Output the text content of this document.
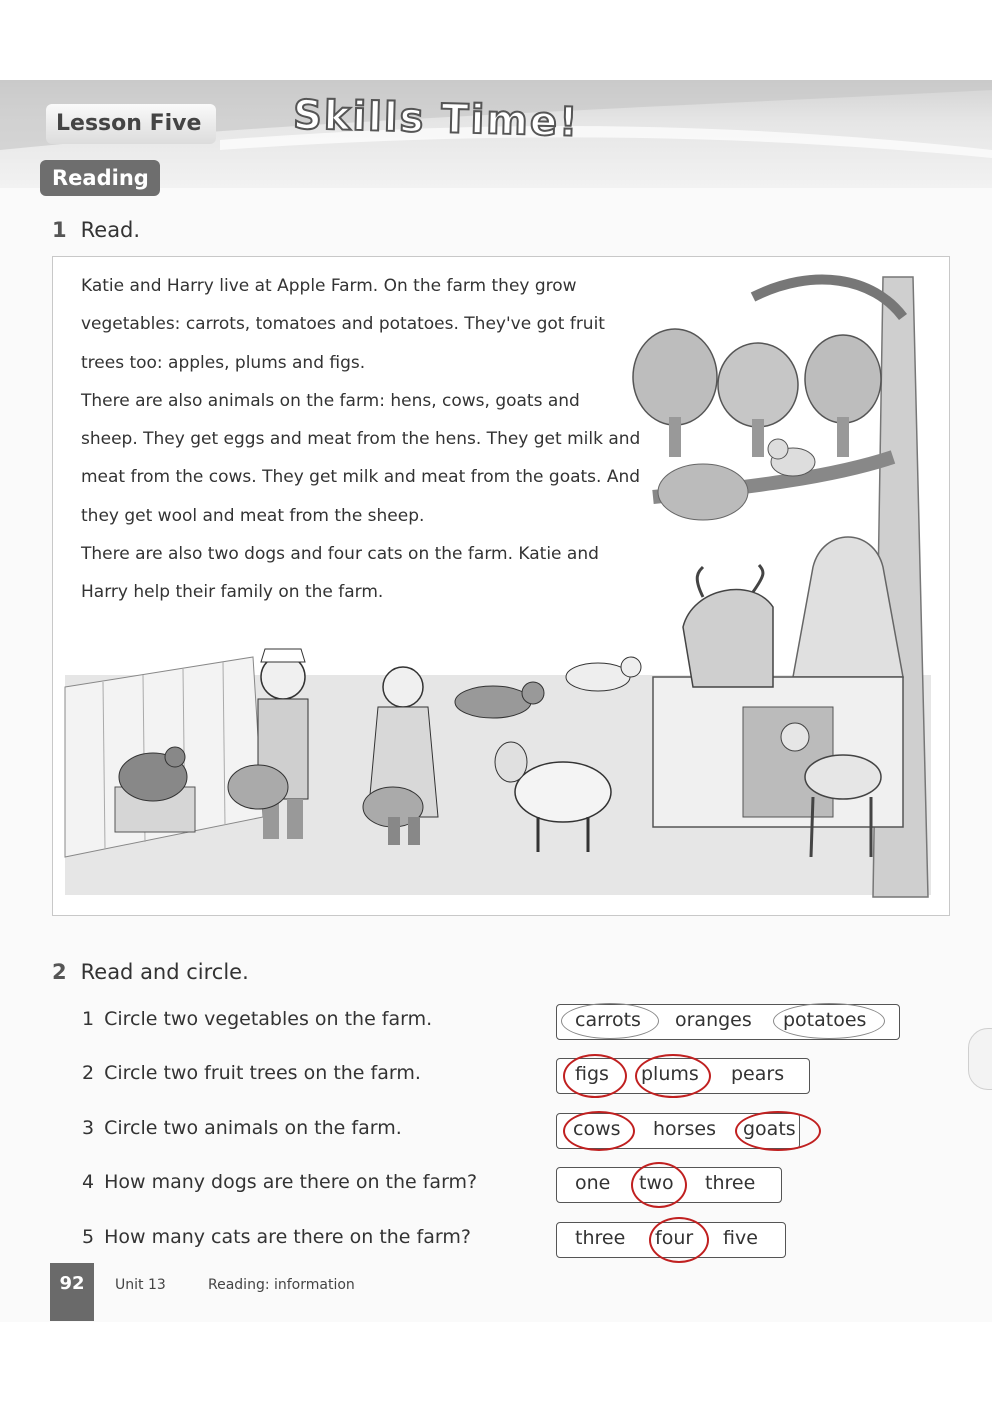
Lesson Five	Skills Time!
Reading
1 Read.

Katie and Harry live at Apple Farm. On the farm they grow vegetables: carrots, tomatoes and potatoes. They've got fruit trees too: apples, plums and figs.

There are also animals on the farm: hens, cows, goats and sheep. They get eggs and meat from the hens. They get milk and meat from the cows. They get milk and meat from the goats. And they get wool and meat from the sheep.

There are also two dogs and four cats on the farm. Katie and Harry help their family on the farm.

2 Read and circle.
1 Circle two vegetables on the farm.	carrots oranges potatoes
2 Circle two fruit trees on the farm.	figs plums pears
3 Circle two animals on the farm.	cows horses goats
4 How many dogs are there on the farm?	one two three
5 How many cats are there on the farm?	three four five
92	Unit 13	Reading: information
